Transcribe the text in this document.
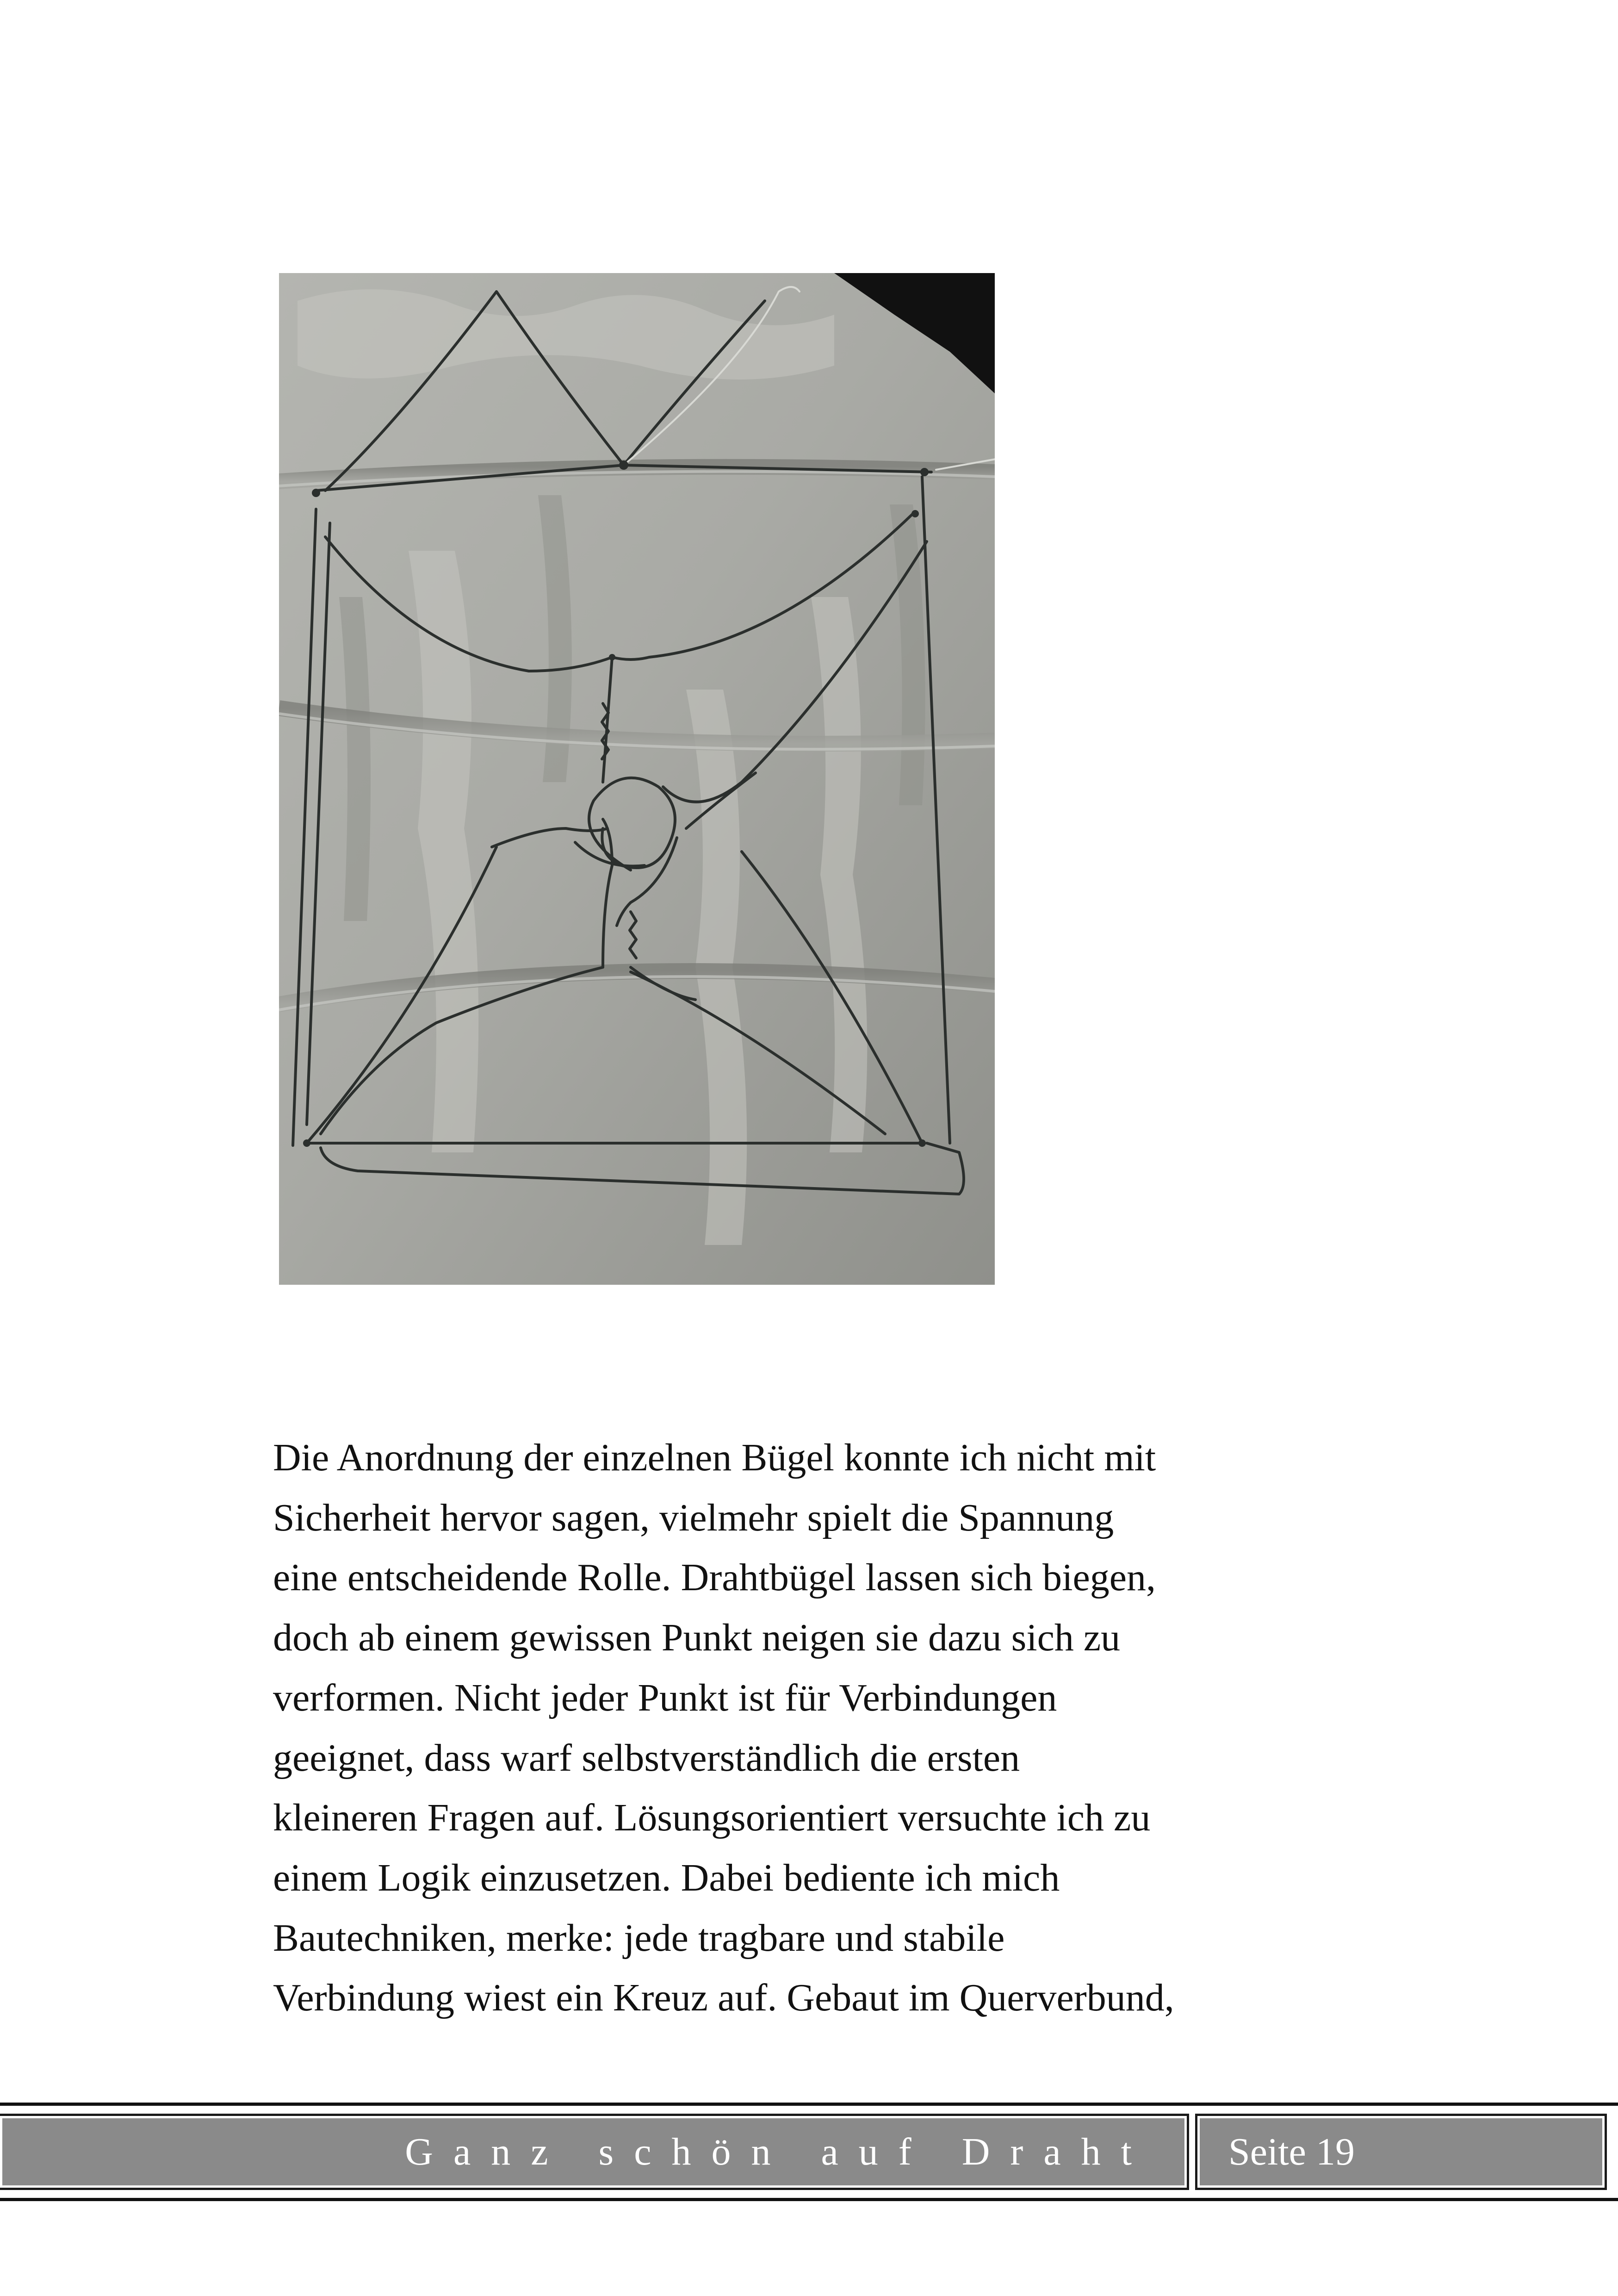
Die Anordnung der einzelnen Bügel konnte ich nicht mit
Sicherheit hervor sagen, vielmehr spielt die Spannung
eine entscheidende Rolle. Drahtbügel lassen sich biegen,
doch ab einem gewissen Punkt neigen sie dazu sich zu
verformen. Nicht jeder Punkt ist für Verbindungen
geeignet, dass warf selbstverständlich die ersten
kleineren Fragen auf. Lösungsorientiert versuchte ich zu
einem Logik einzusetzen. Dabei bediente ich mich
Bautechniken, merke: jede tragbare und stabile
Verbindung wiest ein Kreuz auf. Gebaut im Querverbund,
Ganz schön auf Draht Seite 19
